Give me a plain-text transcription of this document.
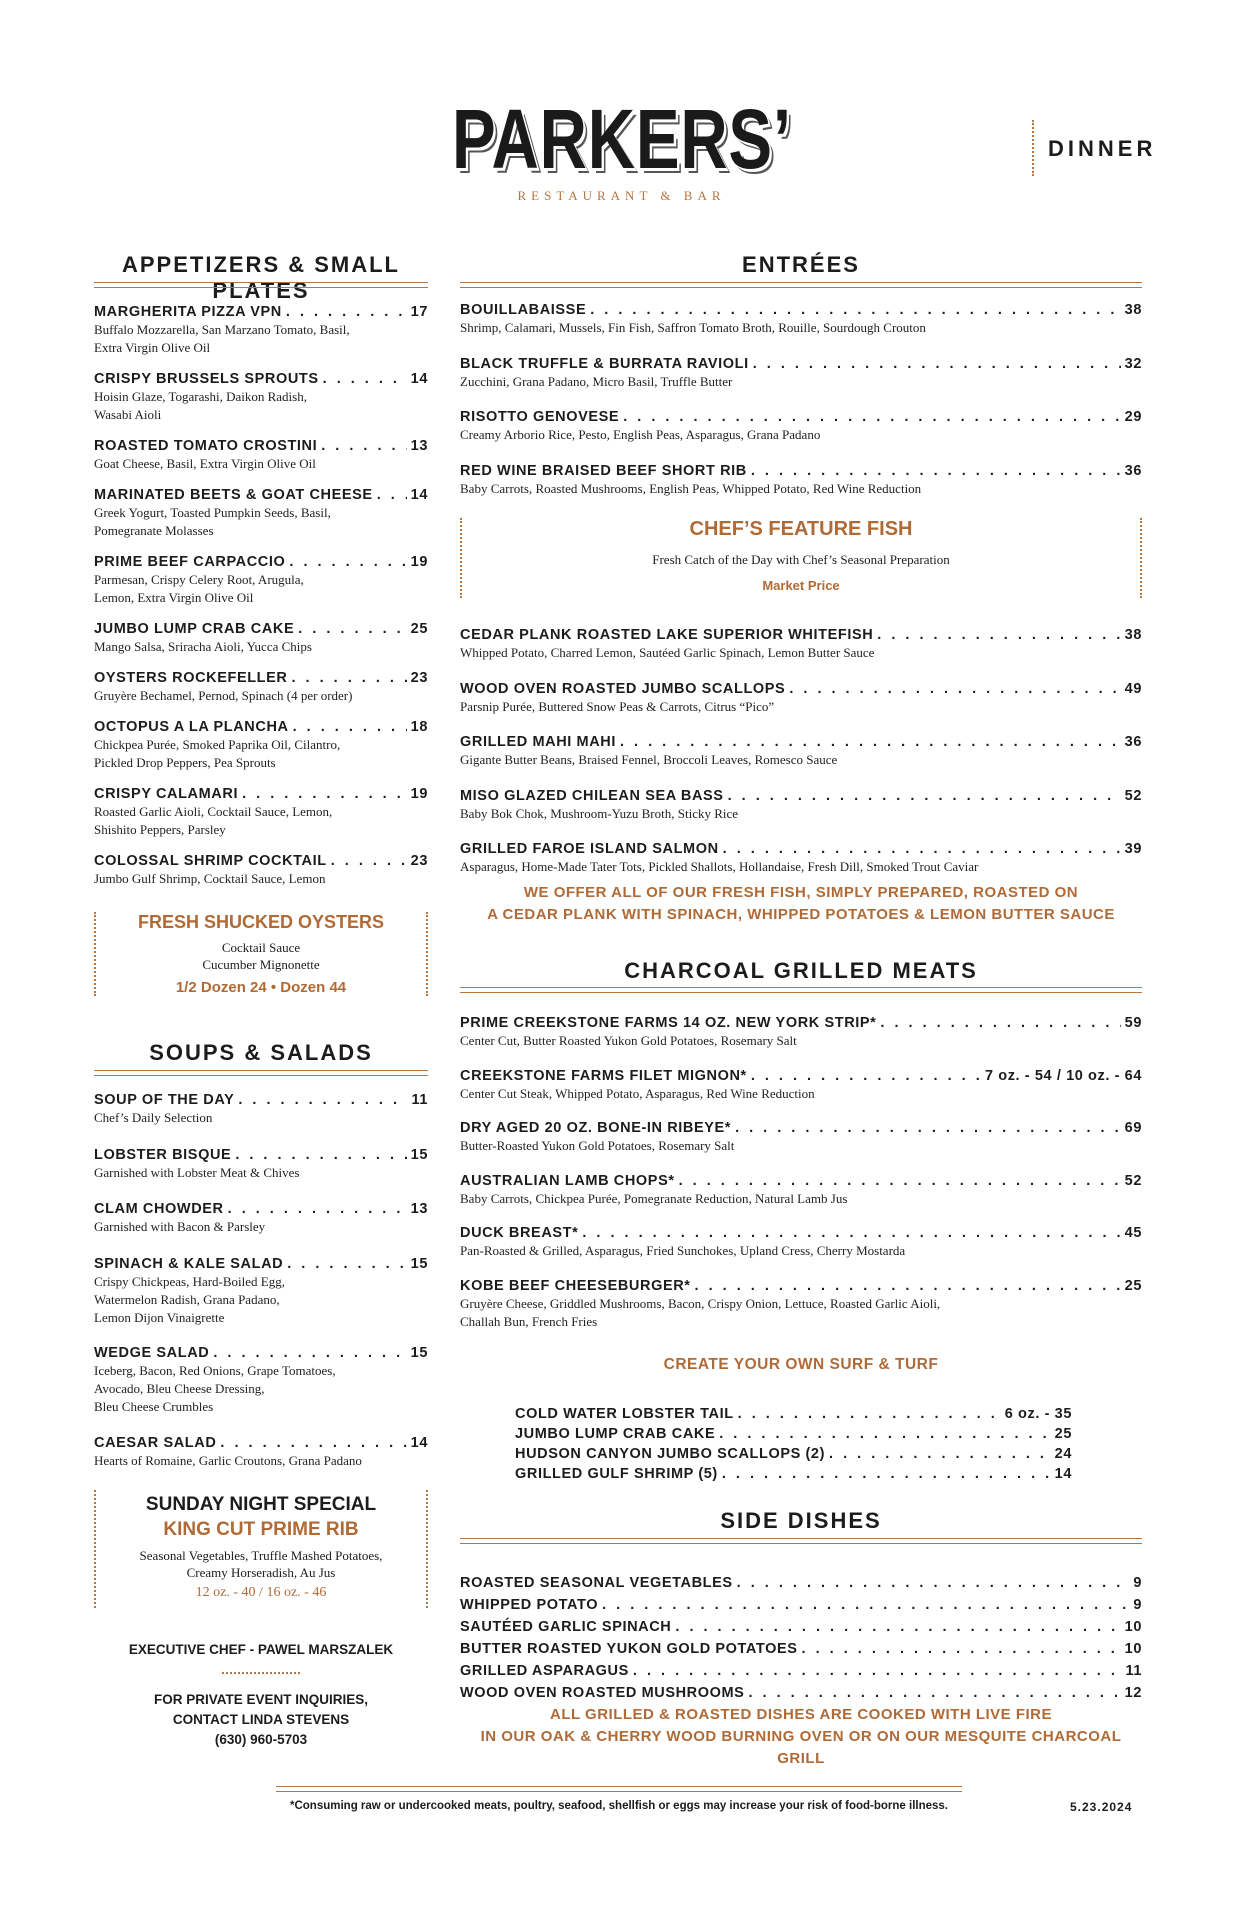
PARKERS’
RESTAURANT & BAR
DINNER
APPETIZERS & SMALL PLATES
MARGHERITA PIZZA VPN . . .	17
Buffalo Mozzarella, San Marzano Tomato, Basil,
Extra Virgin Olive Oil
CRISPY BRUSSELS SPROUTS . . .	14
Hoisin Glaze, Togarashi, Daikon Radish,
Wasabi Aioli
ROASTED TOMATO CROSTINI . . .	13
Goat Cheese, Basil, Extra Virgin Olive Oil
MARINATED BEETS & GOAT CHEESE . . .	14
Greek Yogurt, Toasted Pumpkin Seeds, Basil,
Pomegranate Molasses
PRIME BEEF CARPACCIO . . .	19
Parmesan, Crispy Celery Root, Arugula,
Lemon, Extra Virgin Olive Oil
JUMBO LUMP CRAB CAKE . . .	25
Mango Salsa, Sriracha Aioli, Yucca Chips
OYSTERS ROCKEFELLER . . .	23
Gruyère Bechamel, Pernod, Spinach (4 per order)
OCTOPUS A LA PLANCHA . . .	18
Chickpea Purée, Smoked Paprika Oil, Cilantro,
Pickled Drop Peppers, Pea Sprouts
CRISPY CALAMARI . . .	19
Roasted Garlic Aioli, Cocktail Sauce, Lemon,
Shishito Peppers, Parsley
COLOSSAL SHRIMP COCKTAIL . . .	23
Jumbo Gulf Shrimp, Cocktail Sauce, Lemon
FRESH SHUCKED OYSTERS
Cocktail Sauce
Cucumber Mignonette
1/2 Dozen 24 • Dozen 44
SOUPS & SALADS
SOUP OF THE DAY . . .	11
Chef’s Daily Selection
LOBSTER BISQUE . . .	15
Garnished with Lobster Meat & Chives
CLAM CHOWDER . . .	13
Garnished with Bacon & Parsley
SPINACH & KALE SALAD . . .	15
Crispy Chickpeas, Hard-Boiled Egg,
Watermelon Radish, Grana Padano,
Lemon Dijon Vinaigrette
WEDGE SALAD . . .	15
Iceberg, Bacon, Red Onions, Grape Tomatoes,
Avocado, Bleu Cheese Dressing,
Bleu Cheese Crumbles
CAESAR SALAD . . .	14
Hearts of Romaine, Garlic Croutons, Grana Padano
SUNDAY NIGHT SPECIAL
KING CUT PRIME RIB
Seasonal Vegetables, Truffle Mashed Potatoes,
Creamy Horseradish, Au Jus
12 oz. - 40 / 16 oz. - 46
EXECUTIVE CHEF - PAWEL MARSZALEK
FOR PRIVATE EVENT INQUIRIES,
CONTACT LINDA STEVENS
(630) 960-5703
ENTRÉES
BOUILLABAISSE . . .	38
Shrimp, Calamari, Mussels, Fin Fish, Saffron Tomato Broth, Rouille, Sourdough Crouton
BLACK TRUFFLE & BURRATA RAVIOLI . . .	32
Zucchini, Grana Padano, Micro Basil, Truffle Butter
RISOTTO GENOVESE . . .	29
Creamy Arborio Rice, Pesto, English Peas, Asparagus, Grana Padano
RED WINE BRAISED BEEF SHORT RIB . . .	36
Baby Carrots, Roasted Mushrooms, English Peas, Whipped Potato, Red Wine Reduction
CHEF’S FEATURE FISH
Fresh Catch of the Day with Chef’s Seasonal Preparation
Market Price
CEDAR PLANK ROASTED LAKE SUPERIOR WHITEFISH . . .	38
Whipped Potato, Charred Lemon, Sautéed Garlic Spinach, Lemon Butter Sauce
WOOD OVEN ROASTED JUMBO SCALLOPS . . .	49
Parsnip Purée, Buttered Snow Peas & Carrots, Citrus “Pico”
GRILLED MAHI MAHI . . .	36
Gigante Butter Beans, Braised Fennel, Broccoli Leaves, Romesco Sauce
MISO GLAZED CHILEAN SEA BASS . . .	52
Baby Bok Chok, Mushroom-Yuzu Broth, Sticky Rice
GRILLED FAROE ISLAND SALMON . . .	39
Asparagus, Home-Made Tater Tots, Pickled Shallots, Hollandaise, Fresh Dill, Smoked Trout Caviar
WE OFFER ALL OF OUR FRESH FISH, SIMPLY PREPARED, ROASTED ON
A CEDAR PLANK WITH SPINACH, WHIPPED POTATOES & LEMON BUTTER SAUCE
CHARCOAL GRILLED MEATS
PRIME CREEKSTONE FARMS 14 OZ. NEW YORK STRIP* . . .	59
Center Cut, Butter Roasted Yukon Gold Potatoes, Rosemary Salt
CREEKSTONE FARMS FILET MIGNON* . . .	7 oz. - 54 / 10 oz. - 64
Center Cut Steak, Whipped Potato, Asparagus, Red Wine Reduction
DRY AGED 20 OZ. BONE-IN RIBEYE* . . .	69
Butter-Roasted Yukon Gold Potatoes, Rosemary Salt
AUSTRALIAN LAMB CHOPS* . . .	52
Baby Carrots, Chickpea Purée, Pomegranate Reduction, Natural Lamb Jus
DUCK BREAST* . . .	45
Pan-Roasted & Grilled, Asparagus, Fried Sunchokes, Upland Cress, Cherry Mostarda
KOBE BEEF CHEESEBURGER* . . .	25
Gruyère Cheese, Griddled Mushrooms, Bacon, Crispy Onion, Lettuce, Roasted Garlic Aioli,
Challah Bun, French Fries
CREATE YOUR OWN SURF & TURF
COLD WATER LOBSTER TAIL . . .	6 oz. - 35
JUMBO LUMP CRAB CAKE . . .	25
HUDSON CANYON JUMBO SCALLOPS (2) . . .	24
GRILLED GULF SHRIMP (5) . . .	14
SIDE DISHES
ROASTED SEASONAL VEGETABLES . . .	9
WHIPPED POTATO . . .	9
SAUTÉED GARLIC SPINACH . . .	10
BUTTER ROASTED YUKON GOLD POTATOES . . .	10
GRILLED ASPARAGUS . . .	11
WOOD OVEN ROASTED MUSHROOMS . . .	12
ALL GRILLED & ROASTED DISHES ARE COOKED WITH LIVE FIRE
IN OUR OAK & CHERRY WOOD BURNING OVEN OR ON OUR MESQUITE CHARCOAL GRILL
*Consuming raw or undercooked meats, poultry, seafood, shellfish or eggs may increase your risk of food-borne illness.	5.23.2024
